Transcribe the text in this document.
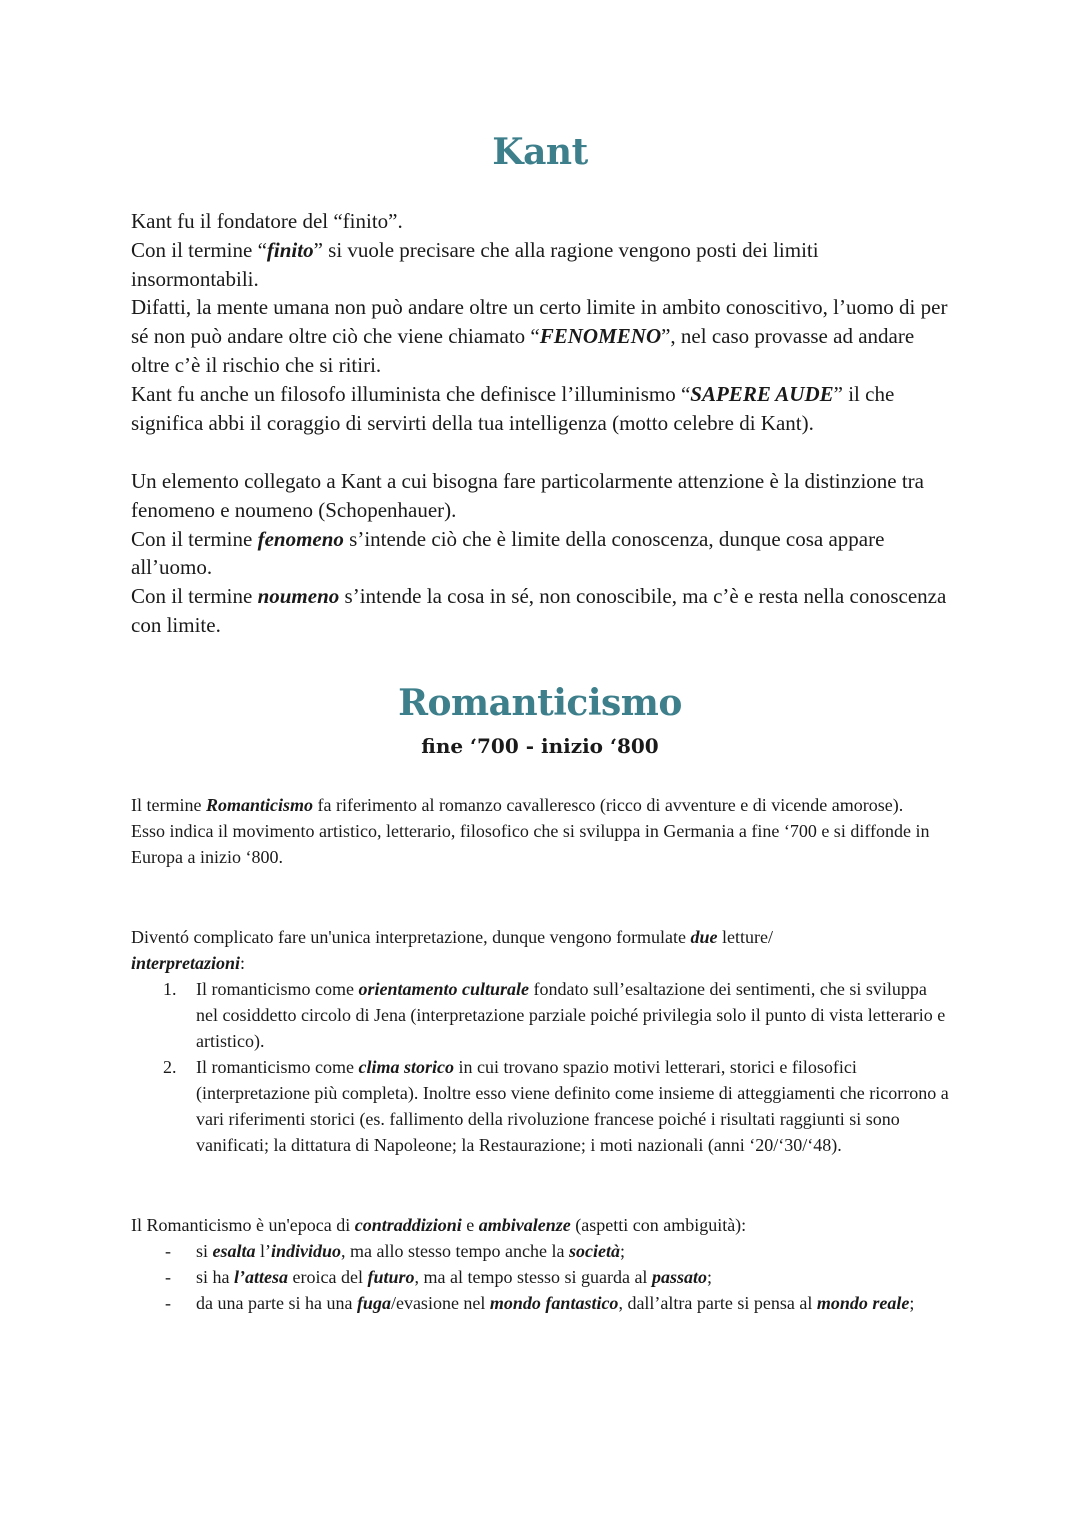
Kant

Kant fu il fondatore del “finito”.
Con il termine “finito” si vuole precisare che alla ragione vengono posti dei limiti insormontabili.
Difatti, la mente umana non può andare oltre un certo limite in ambito conoscitivo, l’uomo di per sé non può andare oltre ciò che viene chiamato “FENOMENO”, nel caso provasse ad andare oltre c’è il rischio che si ritiri.
Kant fu anche un filosofo illuminista che definisce l’illuminismo “SAPERE AUDE” il che significa abbi il coraggio di servirti della tua intelligenza (motto celebre di Kant).

Un elemento collegato a Kant a cui bisogna fare particolarmente attenzione è la distinzione tra fenomeno e noumeno (Schopenhauer).
Con il termine fenomeno s’intende ciò che è limite della conoscenza, dunque cosa appare all’uomo.
Con il termine noumeno s’intende la cosa in sé, non conoscibile, ma c’è e resta nella conoscenza con limite.

Romanticismo
fine ‘700 - inizio ‘800

Il termine Romanticismo fa riferimento al romanzo cavalleresco (ricco di avventure e di vicende amorose).
Esso indica il movimento artistico, letterario, filosofico che si sviluppa in Germania a fine ‘700 e si diffonde in Europa a inizio ‘800.

Diventó complicato fare un'unica interpretazione, dunque vengono formulate due letture/
interpretazioni:

1. Il romanticismo come orientamento culturale fondato sull’esaltazione dei sentimenti, che si sviluppa nel cosiddetto circolo di Jena (interpretazione parziale poiché privilegia solo il punto di vista letterario e artistico).
2. Il romanticismo come clima storico in cui trovano spazio motivi letterari, storici e filosofici (interpretazione più completa). Inoltre esso viene definito come insieme di atteggiamenti che ricorrono a vari riferimenti storici (es. fallimento della rivoluzione francese poiché i risultati raggiunti si sono vanificati; la dittatura di Napoleone; la Restaurazione; i moti nazionali (anni ‘20/‘30/‘48).

Il Romanticismo è un'epoca di contraddizioni e ambivalenze (aspetti con ambiguità):

- si esalta l’individuo, ma allo stesso tempo anche la società;
- si ha l’attesa eroica del futuro, ma al tempo stesso si guarda al passato;
- da una parte si ha una fuga/evasione nel mondo fantastico, dall’altra parte si pensa al mondo reale;
